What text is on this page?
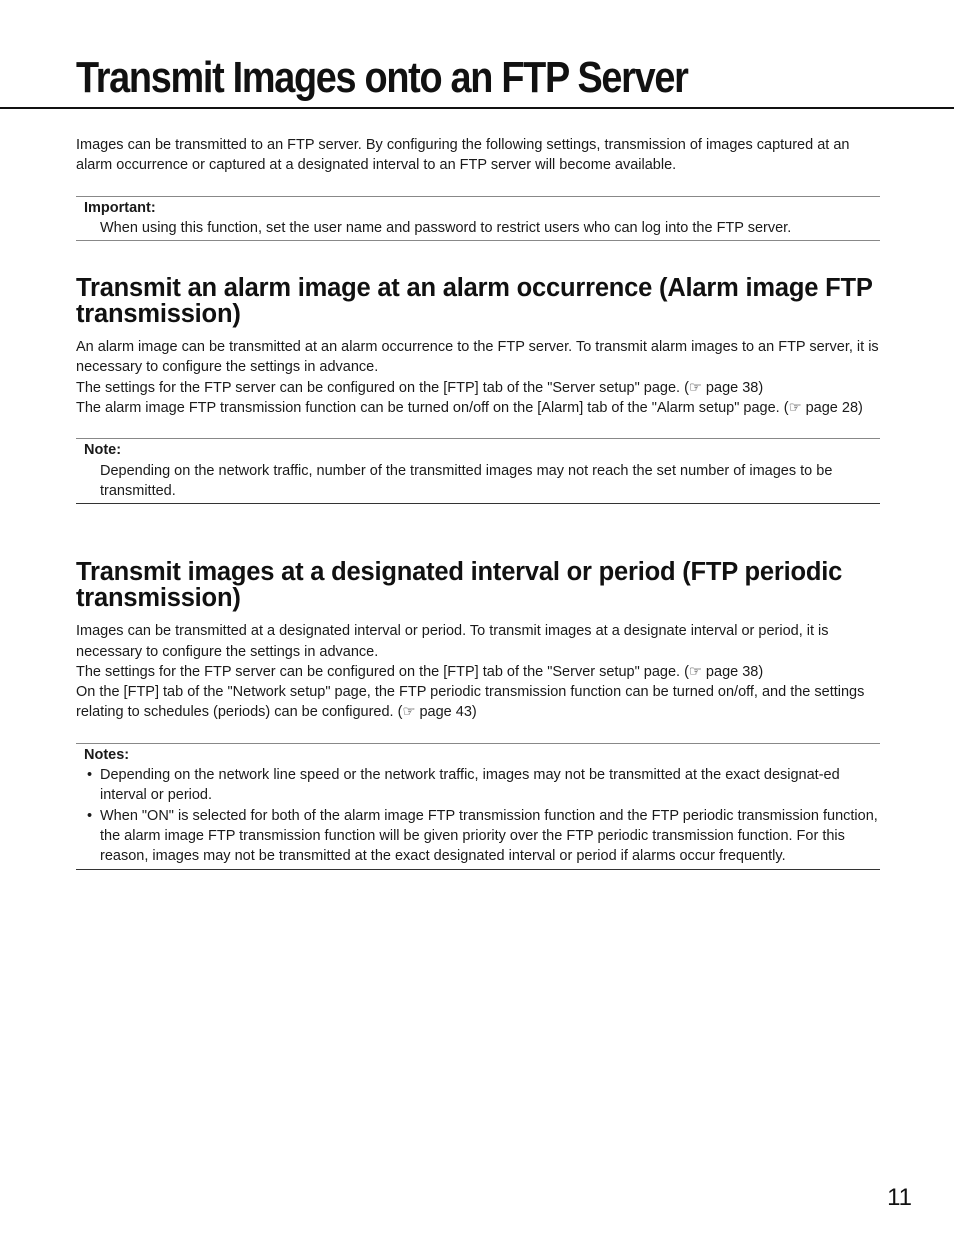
Transmit Images onto an FTP Server

Images can be transmitted to an FTP server. By configuring the following settings, transmission of images captured at an alarm occurrence or captured at a designated interval to an FTP server will become available.

Important:

When using this function, set the user name and password to restrict users who can log into the FTP server.

Transmit an alarm image at an alarm occurrence (Alarm image FTP transmission)

An alarm image can be transmitted at an alarm occurrence to the FTP server. To transmit alarm images to an FTP server, it is necessary to configure the settings in advance.

The settings for the FTP server can be configured on the [FTP] tab of the "Server setup" page. (☞ page 38)

The alarm image FTP transmission function can be turned on/off on the [Alarm] tab of the "Alarm setup" page. (☞ page 28)

Note:

Depending on the network traffic, number of the transmitted images may not reach the set number of images to be transmitted.

Transmit images at a designated interval or period (FTP periodic transmission)

Images can be transmitted at a designated interval or period. To transmit images at a designate interval or period, it is necessary to configure the settings in advance.

The settings for the FTP server can be configured on the [FTP] tab of the "Server setup" page. (☞ page 38)

On the [FTP] tab of the "Network setup" page, the FTP periodic transmission function can be turned on/off, and the settings relating to schedules (periods) can be configured. (☞ page 43)

Notes:

• Depending on the network line speed or the network traffic, images may not be transmitted at the exact designat-ed interval or period.
• When "ON" is selected for both of the alarm image FTP transmission function and the FTP periodic transmission function, the alarm image FTP transmission function will be given priority over the FTP periodic transmission function. For this reason, images may not be transmitted at the exact designated interval or period if alarms occur frequently.
11
